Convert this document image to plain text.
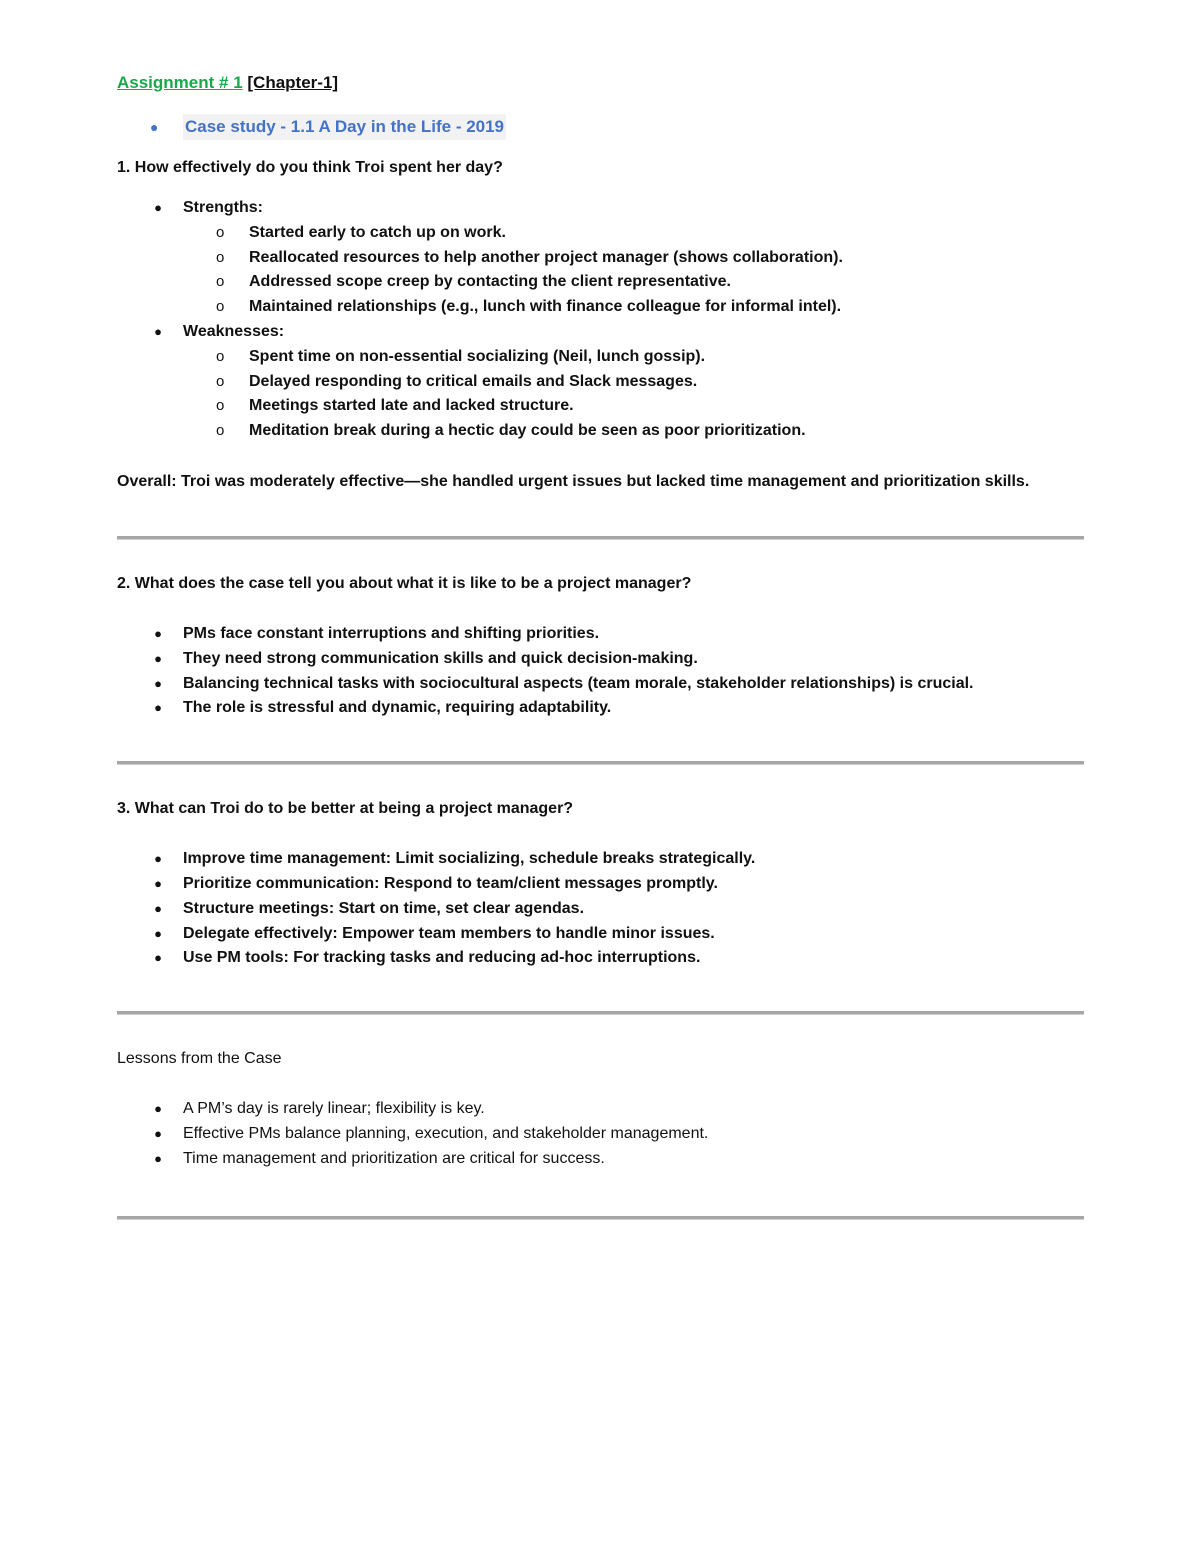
Assignment # 1 [Chapter-1]
●	Case study - 1.1 A Day in the Life - 2019
1. How effectively do you think Troi spent her day?
● Strengths:
o Started early to catch up on work.
o Reallocated resources to help another project manager (shows collaboration).
o Addressed scope creep by contacting the client representative.
o Maintained relationships (e.g., lunch with finance colleague for informal intel).
● Weaknesses:
o Spent time on non-essential socializing (Neil, lunch gossip).
o Delayed responding to critical emails and Slack messages.
o Meetings started late and lacked structure.
o Meditation break during a hectic day could be seen as poor prioritization.
Overall: Troi was moderately effective—she handled urgent issues but lacked time management and prioritization skills.
2. What does the case tell you about what it is like to be a project manager?
● PMs face constant interruptions and shifting priorities.
● They need strong communication skills and quick decision-making.
● Balancing technical tasks with sociocultural aspects (team morale, stakeholder relationships) is crucial.
● The role is stressful and dynamic, requiring adaptability.
3. What can Troi do to be better at being a project manager?
● Improve time management: Limit socializing, schedule breaks strategically.
● Prioritize communication: Respond to team/client messages promptly.
● Structure meetings: Start on time, set clear agendas.
● Delegate effectively: Empower team members to handle minor issues.
● Use PM tools: For tracking tasks and reducing ad-hoc interruptions.
Lessons from the Case
● A PM’s day is rarely linear; flexibility is key.
● Effective PMs balance planning, execution, and stakeholder management.
● Time management and prioritization are critical for success.
